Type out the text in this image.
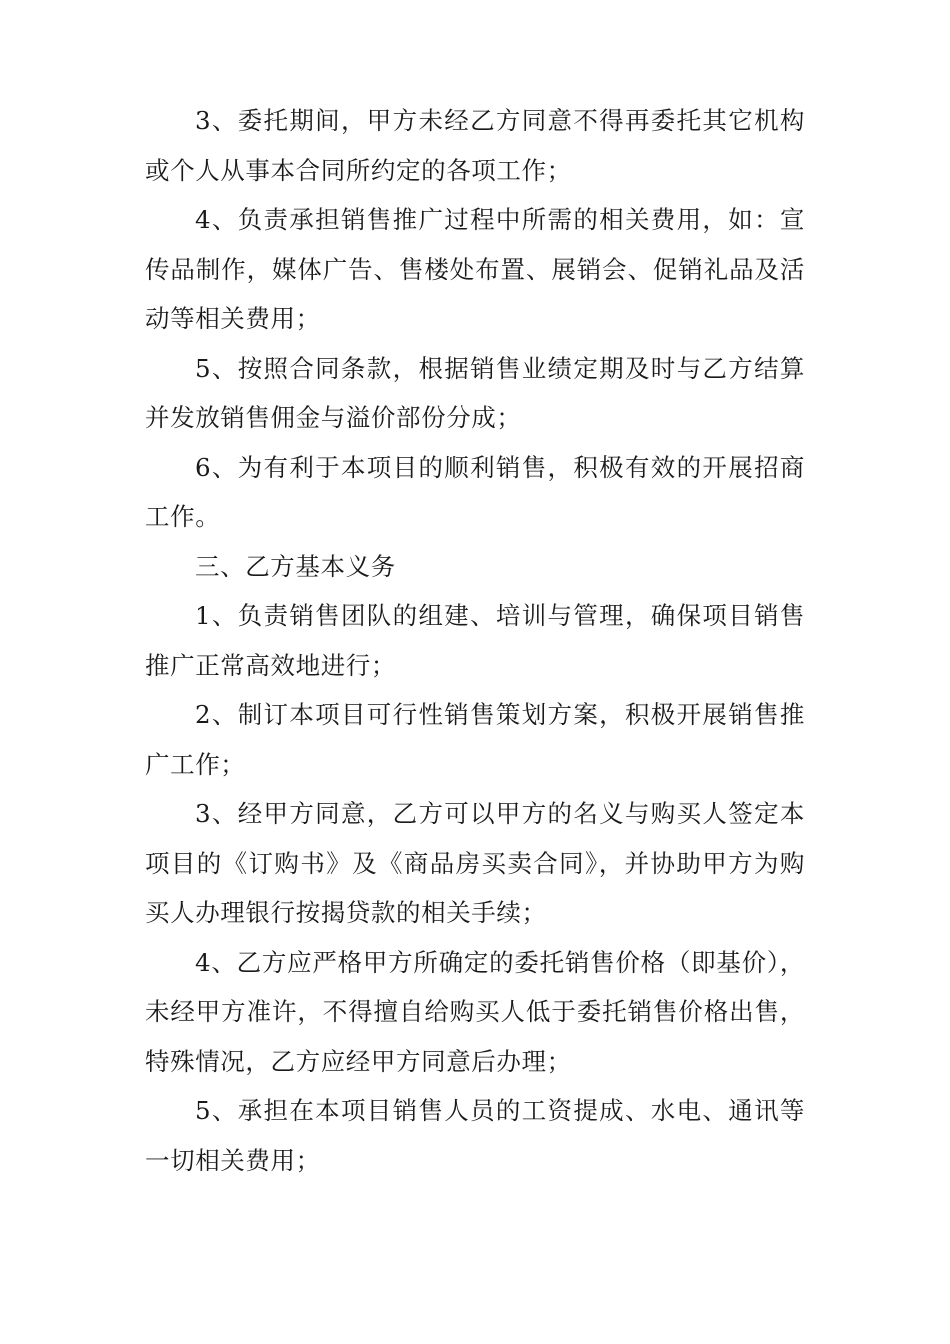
3、委托期间，甲方未经乙方同意不得再委托其它机构或个人从事本合同所约定的各项工作；

4、负责承担销售推广过程中所需的相关费用，如：宣传品制作，媒体广告、售楼处布置、展销会、促销礼品及活动等相关费用；

5、按照合同条款，根据销售业绩定期及时与乙方结算并发放销售佣金与溢价部份分成；

6、为有利于本项目的顺利销售，积极有效的开展招商工作。

三、乙方基本义务

1、负责销售团队的组建、培训与管理，确保项目销售推广正常高效地进行；

2、制订本项目可行性销售策划方案，积极开展销售推广工作；

3、经甲方同意，乙方可以甲方的名义与购买人签定本项目的《订购书》及《商品房买卖合同》，并协助甲方为购买人办理银行按揭贷款的相关手续；

4、乙方应严格甲方所确定的委托销售价格（即基价），未经甲方准许，不得擅自给购买人低于委托销售价格出售，特殊情况，乙方应经甲方同意后办理；

5、承担在本项目销售人员的工资提成、水电、通讯等一切相关费用；
